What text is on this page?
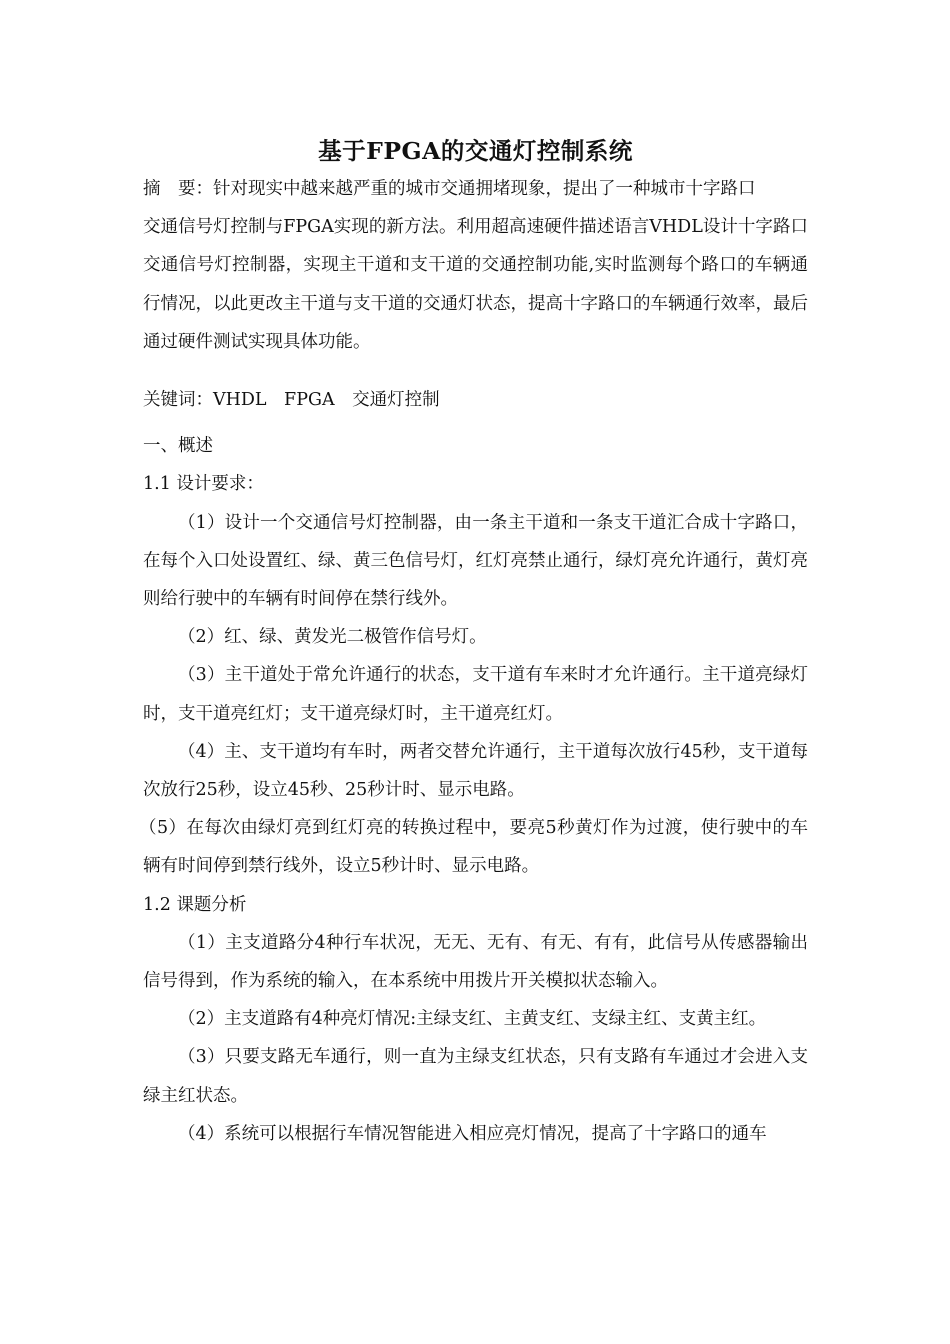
基于FPGA的交通灯控制系统

摘　要：针对现实中越来越严重的城市交通拥堵现象，提出了一种城市十字路口

交通信号灯控制与FPGA实现的新方法。利用超高速硬件描述语言VHDL设计十字路口交通信号灯控制器，实现主干道和支干道的交通控制功能,实时监测每个路口的车辆通行情况，以此更改主干道与支干道的交通灯状态，提高十字路口的车辆通行效率，最后通过硬件测试实现具体功能。

关键词：VHDL　FPGA　交通灯控制

一、概述

1.1 设计要求：

（1）设计一个交通信号灯控制器，由一条主干道和一条支干道汇合成十字路口，在每个入口处设置红、绿、黄三色信号灯，红灯亮禁止通行，绿灯亮允许通行，黄灯亮则给行驶中的车辆有时间停在禁行线外。

（2）红、绿、黄发光二极管作信号灯。

（3）主干道处于常允许通行的状态，支干道有车来时才允许通行。主干道亮绿灯时，支干道亮红灯；支干道亮绿灯时，主干道亮红灯。

（4）主、支干道均有车时，两者交替允许通行，主干道每次放行45秒，支干道每次放行25秒，设立45秒、25秒计时、显示电路。

（5）在每次由绿灯亮到红灯亮的转换过程中，要亮5秒黄灯作为过渡，使行驶中的车辆有时间停到禁行线外，设立5秒计时、显示电路。

1.2 课题分析

（1）主支道路分4种行车状况，无无、无有、有无、有有，此信号从传感器输出信号得到，作为系统的输入，在本系统中用拨片开关模拟状态输入。

（2）主支道路有4种亮灯情况:主绿支红、主黄支红、支绿主红、支黄主红。

（3）只要支路无车通行，则一直为主绿支红状态，只有支路有车通过才会进入支绿主红状态。

（4）系统可以根据行车情况智能进入相应亮灯情况，提高了十字路口的通车
